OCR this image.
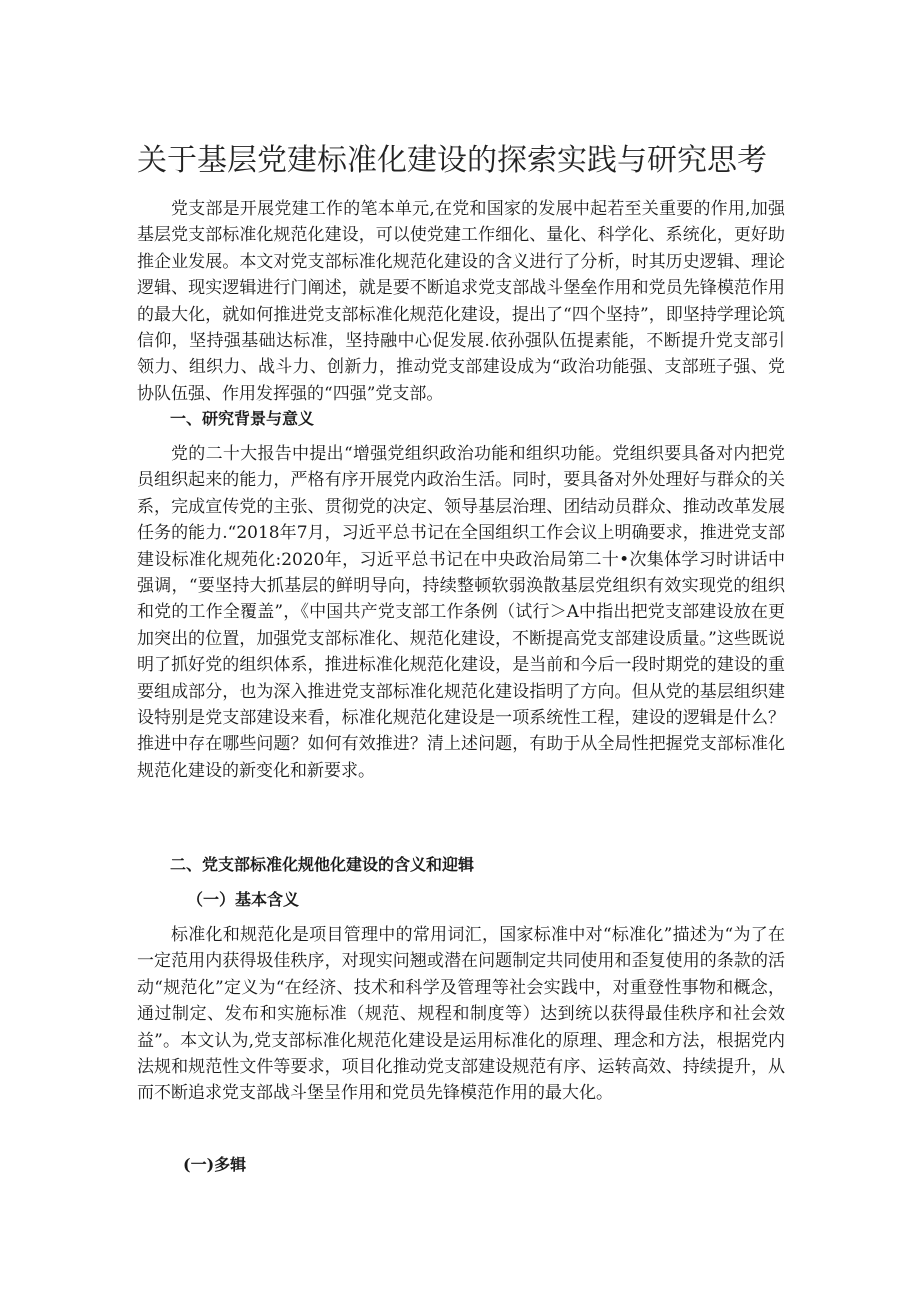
关于基层党建标准化建设的探索实践与研究思考

党支部是开展党建工作的笔本单元,在党和国家的发展中起若至关重要的作用,加强基层党支部标准化规范化建设，可以使党建工作细化、量化、科学化、系统化，更好助推企业发展。本文对党支部标准化规范化建设的含义进行了分析，时其历史逻辑、理论逻辑、现实逻辑进行门阐述，就是要不断追求党支部战斗堡垒作用和党员先锋模范作用的最大化，就如何推进党支部标准化规范化建设，提出了“四个坚持”，即坚持学理论筑信仰，坚持强基础达标准，坚持融中心促发展.依孙强队伍提素能，不断提升党支部引领力、组织力、战斗力、创新力，推动党支部建设成为“政治功能强、支部班子强、党协队伍强、作用发挥强的“四强”党支部。

一、研究背景与意义

党的二十大报告中提出“增强党组织政治功能和组织功能。党组织要具备对内把党员组织起来的能力，严格有序开展党内政治生活。同时，要具备对外处理好与群众的关系，完成宣传党的主张、贯彻党的决定、领导基层治理、团结动员群众、推动改革发展任务的能力.“2018年7月，习近平总书记在全国组织工作会议上明确要求，推进党支部建设标准化规苑化:2020年，习近平总书记在中央政治局第二十•次集体学习时讲话中强调，“要坚持大抓基层的鲜明导向，持续整顿软弱涣散基层党组织有效实现党的组织和党的工作全覆盖”，《中国共产党支部工作条例（试行＞A中指出把党支部建设放在更加突出的位置，加强党支部标准化、规范化建设，不断提高党支部建设质量。”这些既说明了抓好党的组织体系，推进标准化规范化建设，是当前和今后一段时期党的建设的重要组成部分，也为深入推进党支部标准化规范化建设指明了方向。但从党的基层组织建设特别是党支部建设来看，标准化规范化建设是一项系统性工程，建设的逻辑是什么？推进中存在哪些问题？如何有效推进？清上述问题，有助于从全局性把握党支部标准化规范化建设的新变化和新要求。

二、党支部标准化规他化建设的含义和迎辑
（一）基本含义

标准化和规范化是项目管理中的常用词汇，国家标准中对“标准化”描述为“为了在一定范用内获得圾佳秩序，对现实问翘或潜在问题制定共同使用和歪复使用的条款的活动“规范化”定义为“在经济、技术和科学及管理等社会实践中，对重登性事物和概念，通过制定、发布和实施标准（规范、规程和制度等）达到统以获得最佳秩序和社会效益”。本文认为,党支部标准化规范化建设是运用标准化的原理、理念和方法，根据党内法规和规范性文件等要求，项目化推动党支部建设规范有序、运转高效、持续提升，从而不断追求党支部战斗堡呈作用和党员先锋模范作用的最大化。

(一)多辑
